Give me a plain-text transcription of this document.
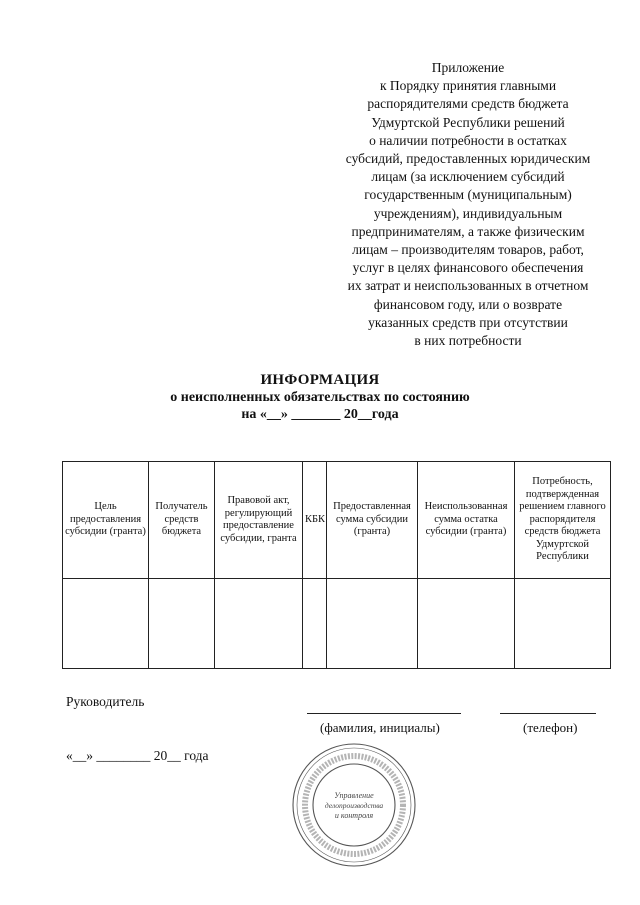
Приложение
к Порядку принятия главными
распорядителями средств бюджета
Удмуртской Республики решений
о наличии потребности в остатках
субсидий, предоставленных юридическим
лицам (за исключением субсидий
государственным (муниципальным)
учреждениям), индивидуальным
предпринимателям, а также физическим
лицам – производителям товаров, работ,
услуг в целях финансового обеспечения
их затрат и неиспользованных в отчетном
финансовом году, или о возврате
указанных средств при отсутствии
в них потребности
ИНФОРМАЦИЯ
о неисполненных обязательствах по состоянию
на «__» _______ 20__года
Цель предоставления субсидии (гранта)	Получатель средств бюджета	Правовой акт, регулирующий предоставление субсидии, гранта	КБК	Предоставленная сумма субсидии (гранта)	Неиспользованная сумма остатка субсидии (гранта)	Потребность, подтвержденная решением главного распорядителя средств бюджета Удмуртской Республики

Руководитель
(фамилия, инициалы)	(телефон)
«__» ________ 20__ года
Управление
делопроизводства
и контроля
